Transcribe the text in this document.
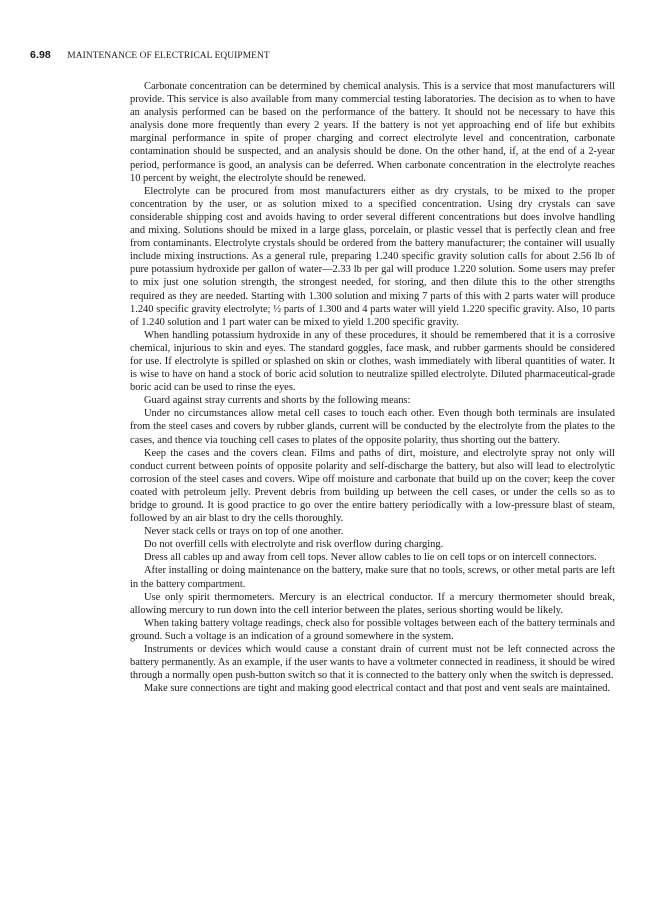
6.98 MAINTENANCE OF ELECTRICAL EQUIPMENT

Carbonate concentration can be determined by chemical analysis. This is a service that most manufacturers will provide. This service is also available from many commercial testing laboratories. The decision as to when to have an analysis performed can be based on the performance of the battery. It should not be necessary to have this analysis done more frequently than every 2 years. If the battery is not yet approaching end of life but exhibits marginal performance in spite of proper charging and correct electrolyte level and concentration, carbonate contamination should be suspected, and an analysis should be done. On the other hand, if, at the end of a 2-year period, performance is good, an analysis can be deferred. When carbonate concentration in the electrolyte reaches 10 percent by weight, the electrolyte should be renewed.

Electrolyte can be procured from most manufacturers either as dry crystals, to be mixed to the proper concentration by the user, or as solution mixed to a specified concentration. Using dry crystals can save considerable shipping cost and avoids having to order several different concentrations but does involve handling and mixing. Solutions should be mixed in a large glass, porcelain, or plastic vessel that is perfectly clean and free from contaminants. Electrolyte crystals should be ordered from the battery manufacturer; the container will usually include mixing instructions. As a general rule, preparing 1.240 specific gravity solution calls for about 2.56 lb of pure potassium hydroxide per gallon of water—2.33 lb per gal will produce 1.220 solution. Some users may prefer to mix just one solution strength, the strongest needed, for storing, and then dilute this to the other strengths required as they are needed. Starting with 1.300 solution and mixing 7 parts of this with 2 parts water will produce 1.240 specific gravity electrolyte; ½ parts of 1.300 and 4 parts water will yield 1.220 specific gravity. Also, 10 parts of 1.240 solution and 1 part water can be mixed to yield 1.200 specific gravity.

When handling potassium hydroxide in any of these procedures, it should be remembered that it is a corrosive chemical, injurious to skin and eyes. The standard goggles, face mask, and rubber garments should be considered for use. If electrolyte is spilled or splashed on skin or clothes, wash immediately with liberal quantities of water. It is wise to have on hand a stock of boric acid solution to neutralize spilled electrolyte. Diluted pharmaceutical-grade boric acid can be used to rinse the eyes.

Guard against stray currents and shorts by the following means:

Under no circumstances allow metal cell cases to touch each other. Even though both terminals are insulated from the steel cases and covers by rubber glands, current will be conducted by the electrolyte from the plates to the cases, and thence via touching cell cases to plates of the opposite polarity, thus shorting out the battery.

Keep the cases and the covers clean. Films and paths of dirt, moisture, and electrolyte spray not only will conduct current between points of opposite polarity and self-discharge the battery, but also will lead to electrolytic corrosion of the steel cases and covers. Wipe off moisture and carbonate that build up on the cover; keep the cover coated with petroleum jelly. Prevent debris from building up between the cell cases, or under the cells so as to bridge to ground. It is good practice to go over the entire battery periodically with a low-pressure blast of steam, followed by an air blast to dry the cells thoroughly.

Never stack cells or trays on top of one another.

Do not overfill cells with electrolyte and risk overflow during charging.

Dress all cables up and away from cell tops. Never allow cables to lie on cell tops or on intercell connectors.

After installing or doing maintenance on the battery, make sure that no tools, screws, or other metal parts are left in the battery compartment.

Use only spirit thermometers. Mercury is an electrical conductor. If a mercury thermometer should break, allowing mercury to run down into the cell interior between the plates, serious shorting would be likely.

When taking battery voltage readings, check also for possible voltages between each of the battery terminals and ground. Such a voltage is an indication of a ground somewhere in the system.

Instruments or devices which would cause a constant drain of current must not be left connected across the battery permanently. As an example, if the user wants to have a voltmeter connected in readiness, it should be wired through a normally open push-button switch so that it is connected to the battery only when the switch is depressed.

Make sure connections are tight and making good electrical contact and that post and vent seals are maintained.
